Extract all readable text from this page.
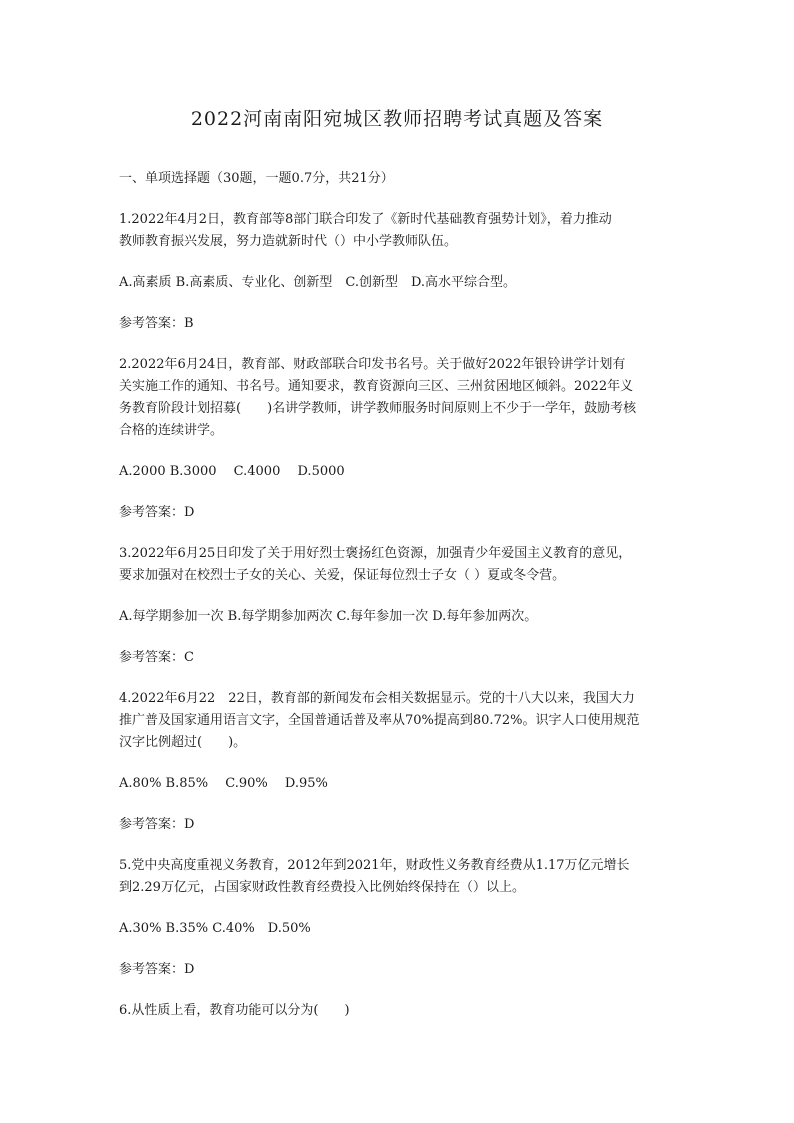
2022河南南阳宛城区教师招聘考试真题及答案
一、单项选择题（30题，一题0.7分，共21分）
1.2022年4月2日，教育部等8部门联合印发了《新时代基础教育强势计划》，着力推动
教师教育振兴发展，努力造就新时代（）中小学教师队伍。
A.高素质 B.高素质、专业化、创新型　C.创新型　D.高水平综合型。
参考答案：B
2.2022年6月24日，教育部、财政部联合印发书名号。关于做好2022年银铃讲学计划有
关实施工作的通知、书名号。通知要求，教育资源向三区、三州贫困地区倾斜。2022年义
务教育阶段计划招募(　　)名讲学教师，讲学教师服务时间原则上不少于一学年，鼓励考核
合格的连续讲学。
A.2000 B.3000　 C.4000　 D.5000
参考答案：D
3.2022年6月25日印发了关于用好烈士褒扬红色资源，加强青少年爱国主义教育的意见，
要求加强对在校烈士子女的关心、关爱，保证每位烈士子女（ ）夏或冬令营。
A.每学期参加一次 B.每学期参加两次 C.每年参加一次 D.每年参加两次。
参考答案：C
4.2022年6月22　22日，教育部的新闻发布会相关数据显示。党的十八大以来，我国大力
推广普及国家通用语言文字，全国普通话普及率从70%提高到80.72%。识字人口使用规范
汉字比例超过(　　)。
A.80% B.85%　 C.90%　 D.95%
参考答案：D
5.党中央高度重视义务教育，2012年到2021年，财政性义务教育经费从1.17万亿元增长
到2.29万亿元，占国家财政性教育经费投入比例始终保持在（）以上。
A.30% B.35% C.40%　D.50%
参考答案：D
6.从性质上看，教育功能可以分为(　　)
